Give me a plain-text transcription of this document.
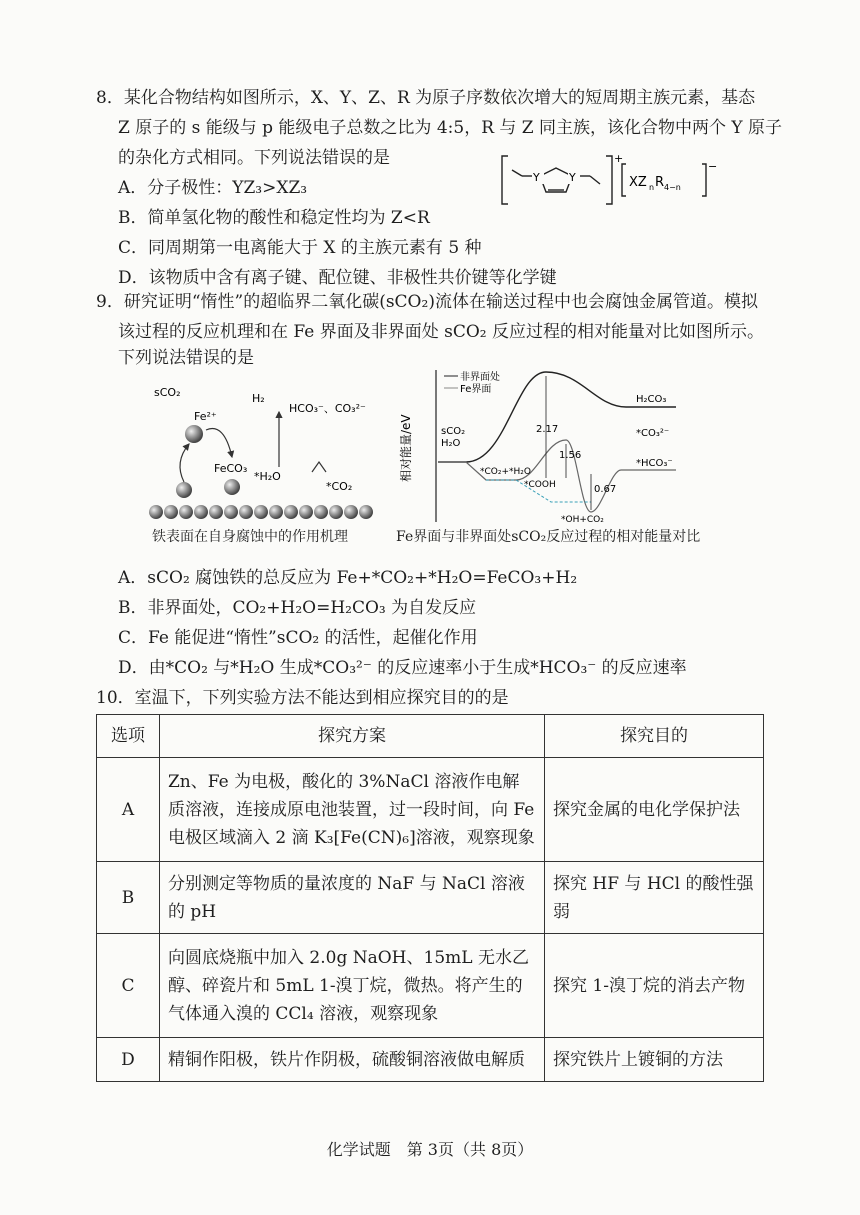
8．某化合物结构如图所示，X、Y、Z、R 为原子序数依次增大的短周期主族元素，基态
Z 原子的 s 能级与 p 能级电子总数之比为 4:5，R 与 Z 同主族，该化合物中两个 Y 原子
的杂化方式相同。下列说法错误的是
A．分子极性：YZ₃>XZ₃
B．简单氢化物的酸性和稳定性均为 Z<R
C．同周期第一电离能大于 X 的主族元素有 5 种
D．该物质中含有离子键、配位键、非极性共价键等化学键
Y	Y
+
XZ n R 4−n
−
9．研究证明“惰性”的超临界二氧化碳(sCO₂)流体在输送过程中也会腐蚀金属管道。模拟
该过程的反应机理和在 Fe 界面及非界面处 sCO₂ 反应过程的相对能量对比如图所示。
下列说法错误的是
sCO₂
Fe²⁺
H₂
HCO₃⁻、CO₃²⁻
FeCO₃
*H₂O
*CO₂
铁表面在自身腐蚀中的作用机理
相对能量/eV
非界面处
Fe界面
2.17
1.56
0.67
sCO₂
H₂O
*CO₂+*H₂O
*COOH
*OH+CO₂
H₂CO₃
*CO₃²⁻
*HCO₃⁻
Fe界面与非界面处sCO₂反应过程的相对能量对比
A．sCO₂ 腐蚀铁的总反应为 Fe+*CO₂+*H₂O=FeCO₃+H₂
B．非界面处，CO₂+H₂O=H₂CO₃ 为自发反应
C．Fe 能促进“惰性”sCO₂ 的活性，起催化作用
D．由*CO₂ 与*H₂O 生成*CO₃²⁻ 的反应速率小于生成*HCO₃⁻ 的反应速率
10．室温下，下列实验方法不能达到相应探究目的的是
选项	探究方案	探究目的
A	Zn、Fe 为电极，酸化的 3%NaCl 溶液作电解质溶液，连接成原电池装置，过一段时间，向 Fe 电极区域滴入 2 滴 K₃[Fe(CN)₆]溶液，观察现象	探究金属的电化学保护法
B	分别测定等物质的量浓度的 NaF 与 NaCl 溶液的 pH	探究 HF 与 HCl 的酸性强弱
C	向圆底烧瓶中加入 2.0g NaOH、15mL 无水乙醇、碎瓷片和 5mL 1-溴丁烷，微热。将产生的气体通入溴的 CCl₄ 溶液，观察现象	探究 1-溴丁烷的消去产物
D	精铜作阳极，铁片作阴极，硫酸铜溶液做电解质	探究铁片上镀铜的方法
化学试题　第 3页（共 8页）
